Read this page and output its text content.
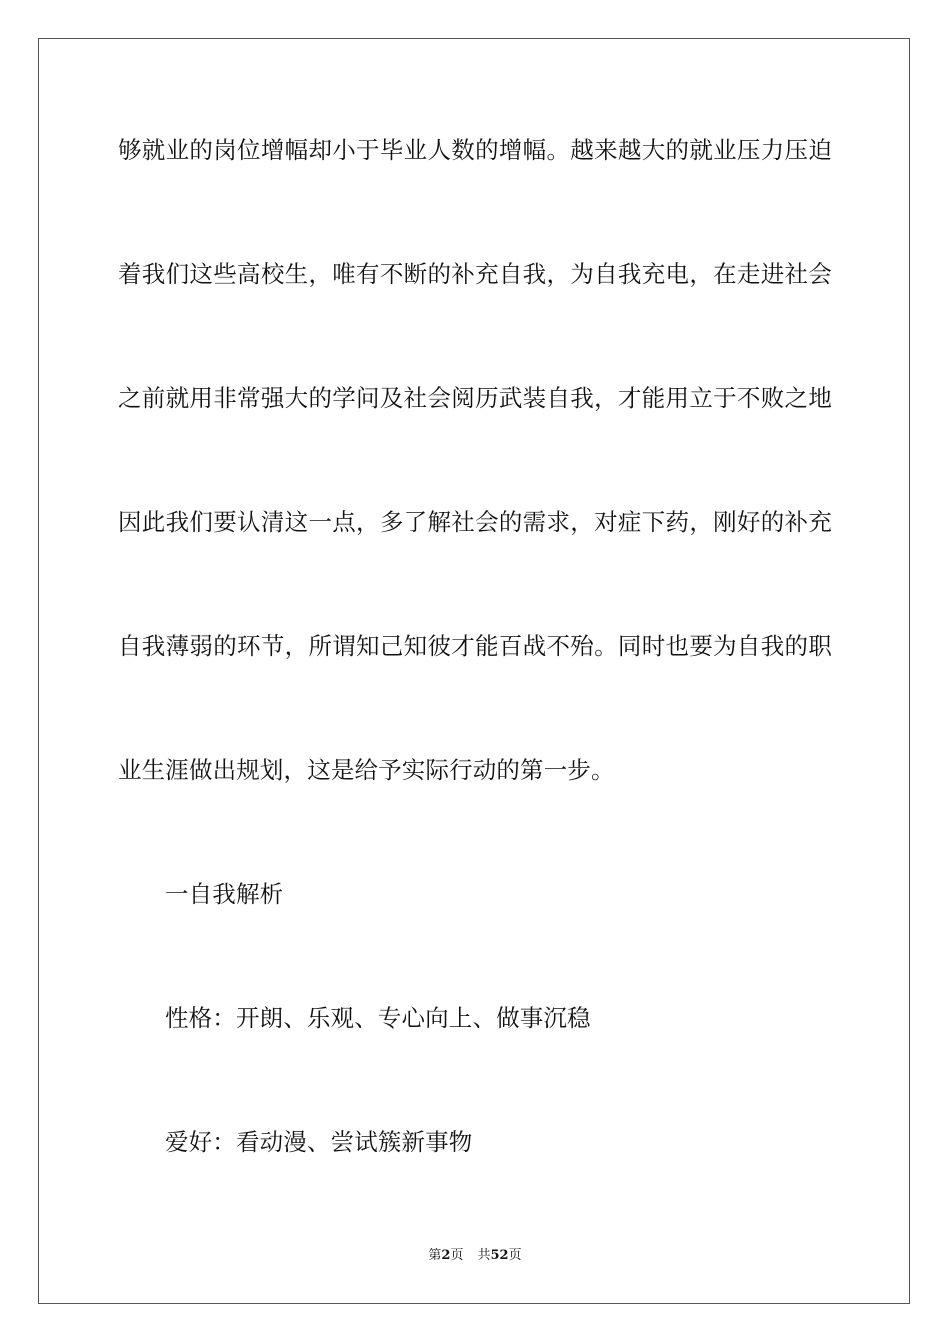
够就业的岗位增幅却小于毕业人数的增幅。越来越大的就业压力压迫
着我们这些高校生，唯有不断的补充自我，为自我充电，在走进社会
之前就用非常强大的学问及社会阅历武装自我，才能用立于不败之地
因此我们要认清这一点，多了解社会的需求，对症下药，刚好的补充
自我薄弱的环节，所谓知己知彼才能百战不殆。同时也要为自我的职
业生涯做出规划，这是给予实际行动的第一步。
一自我解析
性格：开朗、乐观、专心向上、做事沉稳
爱好：看动漫、尝试簇新事物
第2页 共52页
